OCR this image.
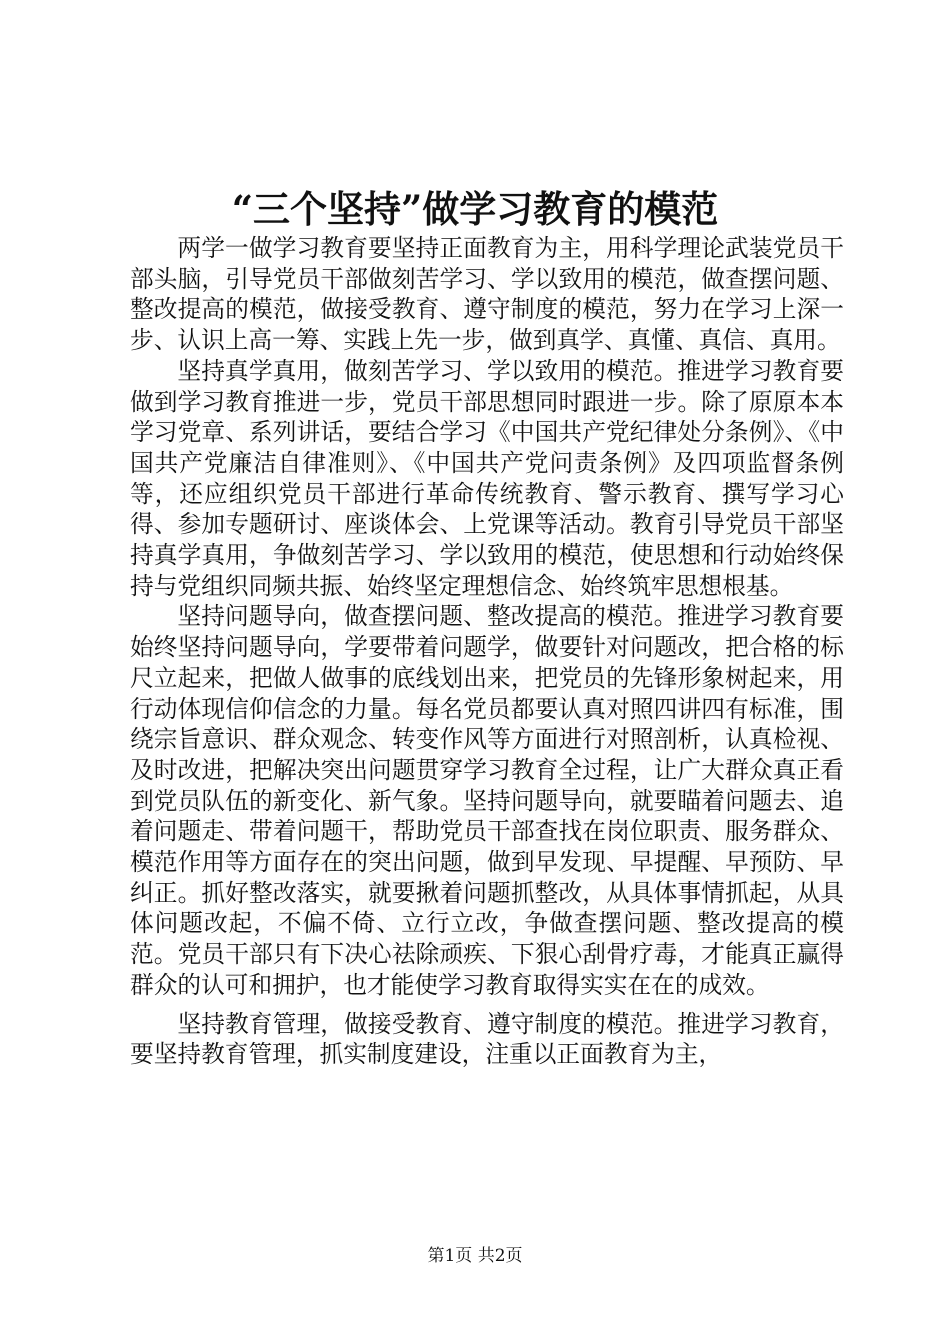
“三个坚持”做学习教育的模范

两学一做学习教育要坚持正面教育为主，用科学理论武装党员干部头脑，引导党员干部做刻苦学习、学以致用的模范，做查摆问题、整改提高的模范，做接受教育、遵守制度的模范，努力在学习上深一步、认识上高一筹、实践上先一步，做到真学、真懂、真信、真用。

坚持真学真用，做刻苦学习、学以致用的模范。推进学习教育要做到学习教育推进一步，党员干部思想同时跟进一步。除了原原本本学习党章、系列讲话，要结合学习《中国共产党纪律处分条例》、《中国共产党廉洁自律准则》、《中国共产党问责条例》及四项监督条例等，还应组织党员干部进行革命传统教育、警示教育、撰写学习心得、参加专题研讨、座谈体会、上党课等活动。教育引导党员干部坚持真学真用，争做刻苦学习、学以致用的模范，使思想和行动始终保持与党组织同频共振、始终坚定理想信念、始终筑牢思想根基。

坚持问题导向，做查摆问题、整改提高的模范。推进学习教育要始终坚持问题导向，学要带着问题学，做要针对问题改，把合格的标尺立起来，把做人做事的底线划出来，把党员的先锋形象树起来，用行动体现信仰信念的力量。每名党员都要认真对照四讲四有标准，围绕宗旨意识、群众观念、转变作风等方面进行对照剖析，认真检视、及时改进，把解决突出问题贯穿学习教育全过程，让广大群众真正看到党员队伍的新变化、新气象。坚持问题导向，就要瞄着问题去、追着问题走、带着问题干，帮助党员干部查找在岗位职责、服务群众、模范作用等方面存在的突出问题，做到早发现、早提醒、早预防、早纠正。抓好整改落实，就要揪着问题抓整改，从具体事情抓起，从具体问题改起，不偏不倚、立行立改，争做查摆问题、整改提高的模范。党员干部只有下决心祛除顽疾、下狠心刮骨疗毒，才能真正赢得群众的认可和拥护，也才能使学习教育取得实实在在的成效。

坚持教育管理，做接受教育、遵守制度的模范。推进学习教育，要坚持教育管理，抓实制度建设，注重以正面教育为主，

第1页 共2页
